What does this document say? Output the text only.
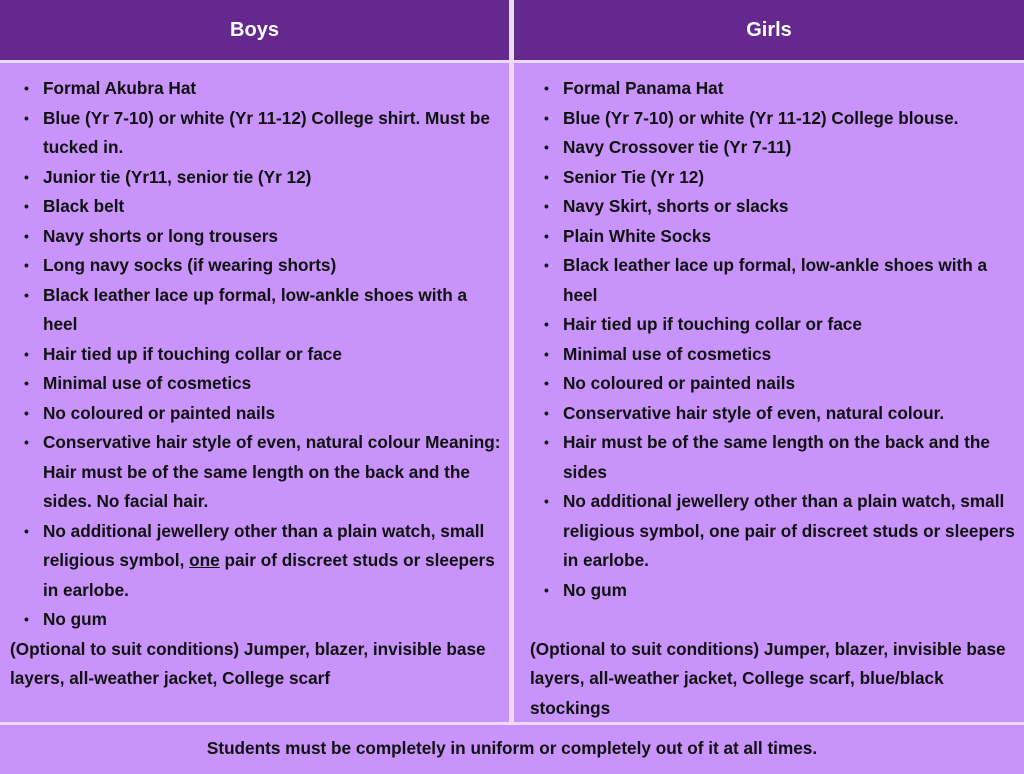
Boys	Girls
• Formal Akubra Hat
• Blue (Yr 7-10) or white (Yr 11-12) College shirt. Must be tucked in.
• Junior tie (Yr11, senior tie (Yr 12)
• Black belt
• Navy shorts or long trousers
• Long navy socks (if wearing shorts)
• Black leather lace up formal, low-ankle shoes with a heel
• Hair tied up if touching collar or face
• Minimal use of cosmetics
• No coloured or painted nails
• Conservative hair style of even, natural colour Meaning: Hair must be of the same length on the back and the sides. No facial hair.
• No additional jewellery other than a plain watch, small religious symbol, one pair of discreet studs or sleepers in earlobe.
• No gum
(Optional to suit conditions) Jumper, blazer, invisible base layers, all-weather jacket, College scarf
• Formal Panama Hat
• Blue (Yr 7-10) or white (Yr 11-12) College blouse.
• Navy Crossover tie (Yr 7-11)
• Senior Tie (Yr 12)
• Navy Skirt, shorts or slacks
• Plain White Socks
• Black leather lace up formal, low-ankle shoes with a heel
• Hair tied up if touching collar or face
• Minimal use of cosmetics
• No coloured or painted nails
• Conservative hair style of even, natural colour.
• Hair must be of the same length on the back and the sides
• No additional jewellery other than a plain watch, small religious symbol, one pair of discreet studs or sleepers in earlobe.
• No gum
(Optional to suit conditions) Jumper, blazer, invisible base layers, all-weather jacket, College scarf, blue/black stockings
Students must be completely in uniform or completely out of it at all times.
